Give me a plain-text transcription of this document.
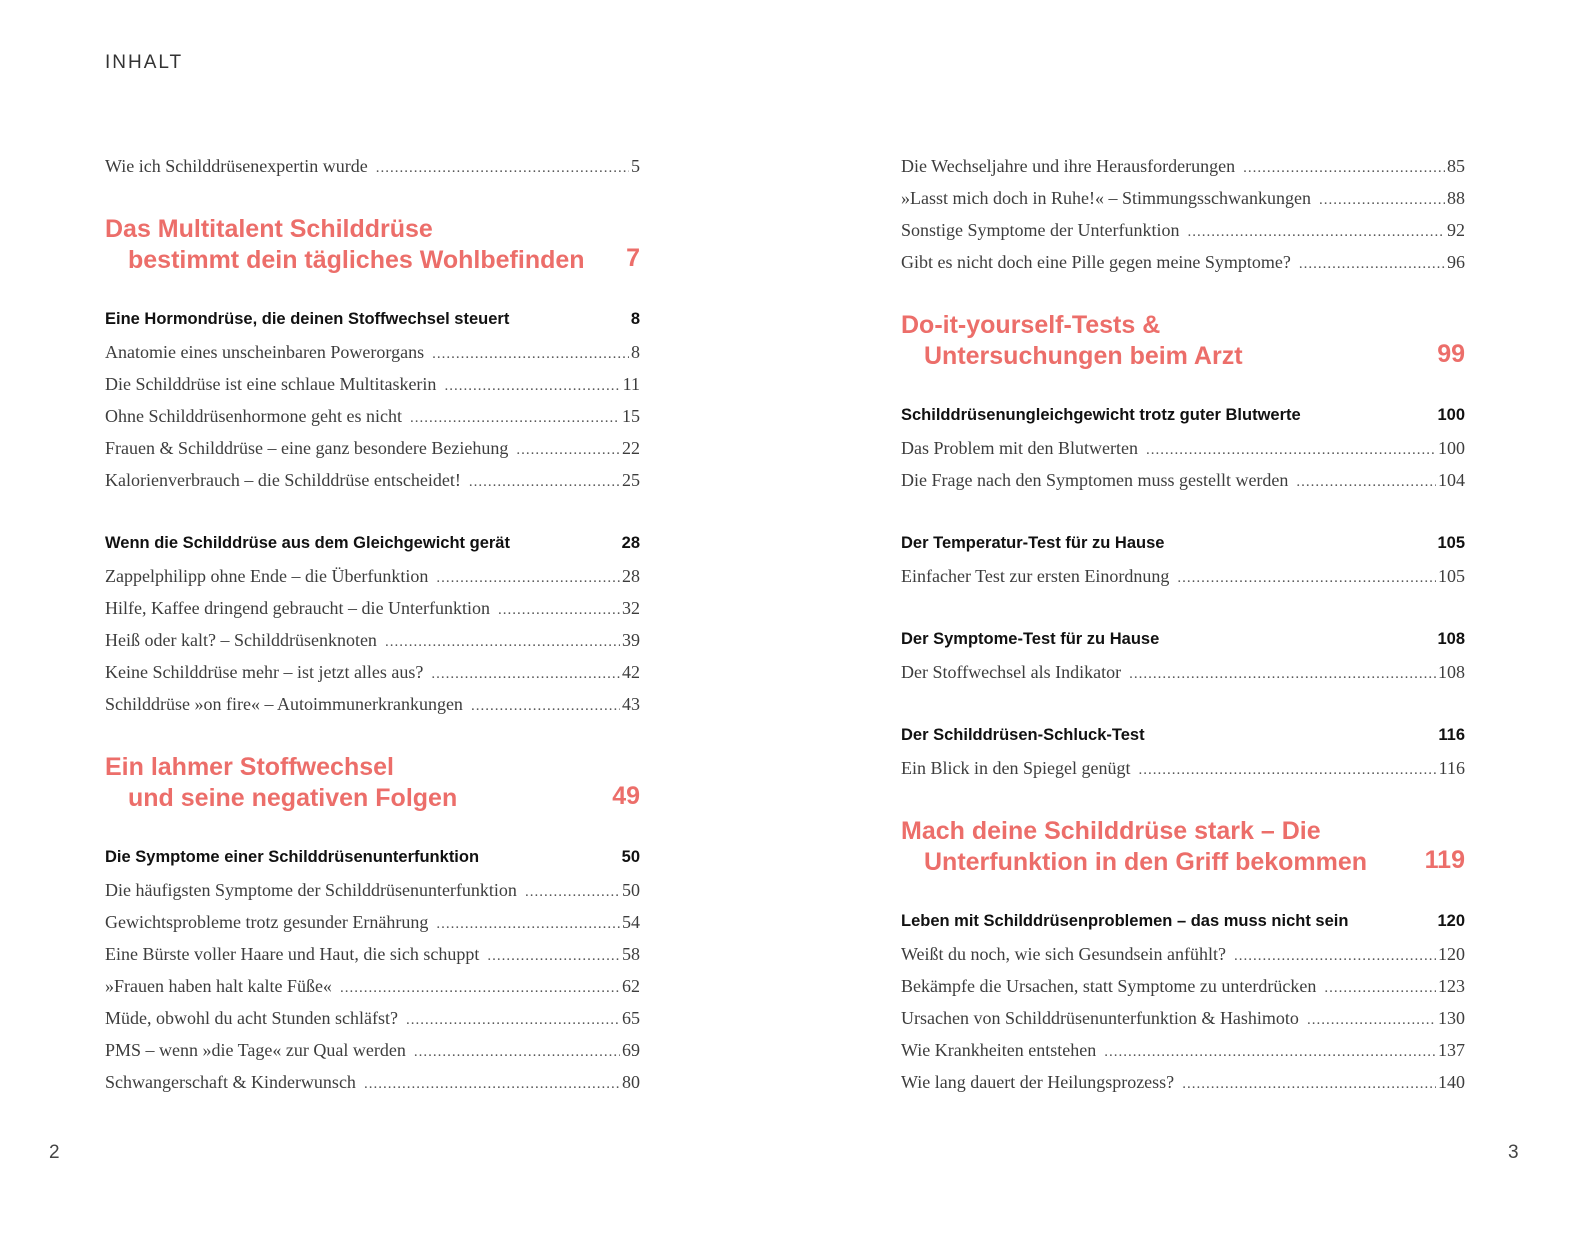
INHALT
Wie ich Schilddrüsenexpertin wurde .....	5
Das Multitalent Schilddrüse
bestimmt dein tägliches Wohlbefinden 7
Eine Hormondrüse, die deinen Stoffwechsel steuert	8
Anatomie eines unscheinbaren Powerorgans .....	8
Die Schilddrüse ist eine schlaue Multitaskerin .....	11
Ohne Schilddrüsenhormone geht es nicht .....	15
Frauen & Schilddrüse – eine ganz besondere Beziehung .....	22
Kalorienverbrauch – die Schilddrüse entscheidet! .....	25
Wenn die Schilddrüse aus dem Gleichgewicht gerät	28
Zappelphilipp ohne Ende – die Überfunktion .....	28
Hilfe, Kaffee dringend gebraucht – die Unterfunktion .....	32
Heiß oder kalt? – Schilddrüsenknoten .....	39
Keine Schilddrüse mehr – ist jetzt alles aus? .....	42
Schilddrüse »on fire« – Autoimmunerkrankungen .....	43
Ein lahmer Stoffwechsel
und seine negativen Folgen	49
Die Symptome einer Schilddrüsenunterfunktion	50
Die häufigsten Symptome der Schilddrüsenunterfunktion .....	50
Gewichtsprobleme trotz gesunder Ernährung .....	54
Eine Bürste voller Haare und Haut, die sich schuppt .....	58
»Frauen haben halt kalte Füße« .....	62
Müde, obwohl du acht Stunden schläfst? .....	65
PMS – wenn »die Tage« zur Qual werden .....	69
Schwangerschaft & Kinderwunsch .....	80
Die Wechseljahre und ihre Herausforderungen .....	85
»Lasst mich doch in Ruhe!« – Stimmungsschwankungen .....	88
Sonstige Symptome der Unterfunktion .....	92
Gibt es nicht doch eine Pille gegen meine Symptome? .....	96
Do-it-yourself-Tests &
Untersuchungen beim Arzt	99
Schilddrüsenungleichgewicht trotz guter Blutwerte	100
Das Problem mit den Blutwerten .....	100
Die Frage nach den Symptomen muss gestellt werden .....	104
Der Temperatur-Test für zu Hause	105
Einfacher Test zur ersten Einordnung .....	105
Der Symptome-Test für zu Hause	108
Der Stoffwechsel als Indikator .....	108
Der Schilddrüsen-Schluck-Test	116
Ein Blick in den Spiegel genügt .....	116
Mach deine Schilddrüse stark – Die
Unterfunktion in den Griff bekommen	119
Leben mit Schilddrüsenproblemen – das muss nicht sein	120
Weißt du noch, wie sich Gesundsein anfühlt? .....	120
Bekämpfe die Ursachen, statt Symptome zu unterdrücken .....	123
Ursachen von Schilddrüsenunterfunktion & Hashimoto .....	130
Wie Krankheiten entstehen .....	137
Wie lang dauert der Heilungsprozess? .....	140
2	3
